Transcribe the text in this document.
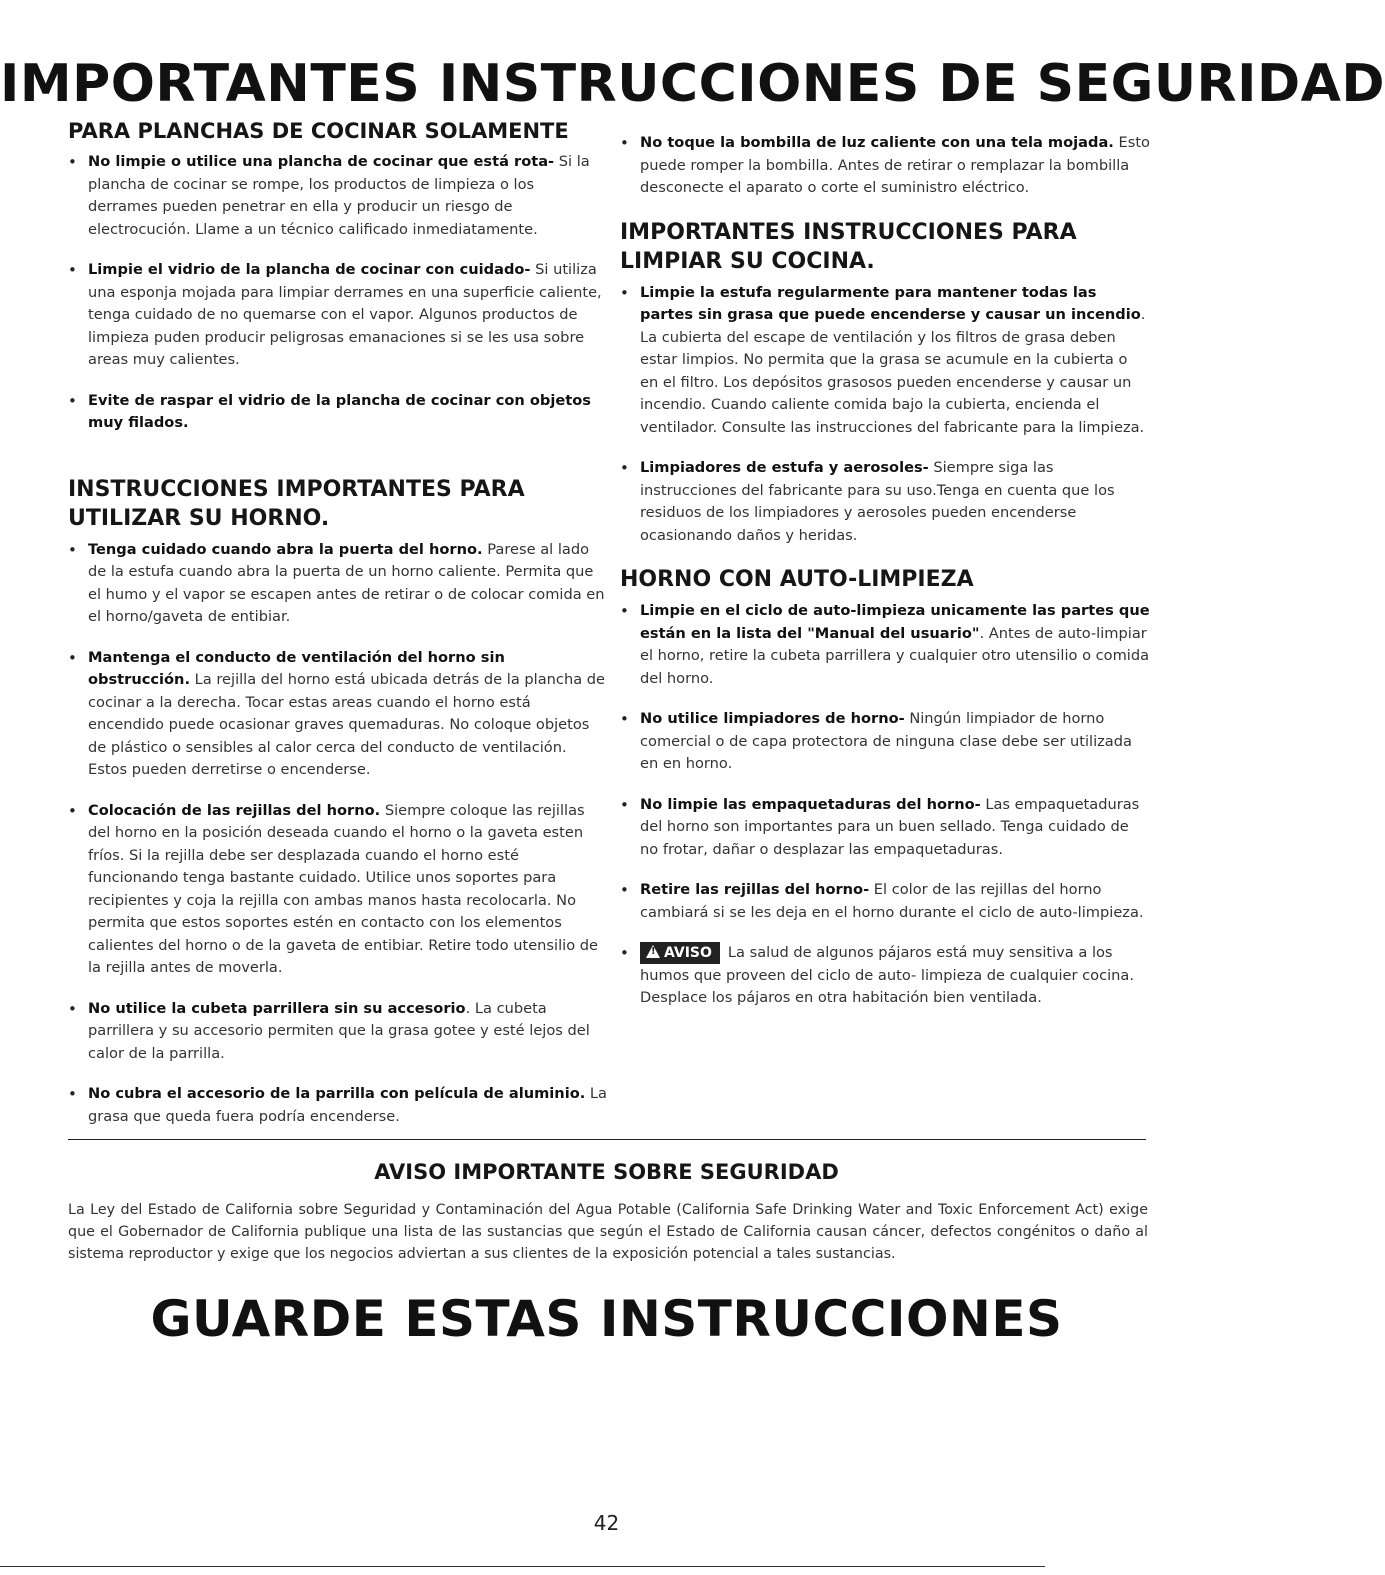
IMPORTANTES INSTRUCCIONES DE SEGURIDAD
PARA PLANCHAS DE COCINAR SOLAMENTE

• No limpie o utilice una plancha de cocinar que está rota- Si la plancha de cocinar se rompe, los productos de limpieza o los derrames pueden penetrar en ella y producir un riesgo de electrocución. Llame a un técnico calificado inmediatamente.

• Limpie el vidrio de la plancha de cocinar con cuidado- Si utiliza una esponja mojada para limpiar derrames en una superficie caliente, tenga cuidado de no quemarse con el vapor. Algunos productos de limpieza puden producir peligrosas emanaciones si se les usa sobre areas muy calientes.

• Evite de raspar el vidrio de la plancha de cocinar con objetos muy filados.

INSTRUCCIONES IMPORTANTES PARA UTILIZAR SU HORNO.

• Tenga cuidado cuando abra la puerta del horno. Parese al lado de la estufa cuando abra la puerta de un horno caliente. Permita que el humo y el vapor se escapen antes de retirar o de colocar comida en el horno/gaveta de entibiar.

• Mantenga el conducto de ventilación del horno sin obstrucción. La rejilla del horno está ubicada detrás de la plancha de cocinar a la derecha. Tocar estas areas cuando el horno está encendido puede ocasionar graves quemaduras. No coloque objetos de plástico o sensibles al calor cerca del conducto de ventilación. Estos pueden derretirse o encenderse.

• Colocación de las rejillas del horno. Siempre coloque las rejillas del horno en la posición deseada cuando el horno o la gaveta esten fríos. Si la rejilla debe ser desplazada cuando el horno esté funcionando tenga bastante cuidado. Utilice unos soportes para recipientes y coja la rejilla con ambas manos hasta recolocarla. No permita que estos soportes estén en contacto con los elementos calientes del horno o de la gaveta de entibiar. Retire todo utensilio de la rejilla antes de moverla.

• No utilice la cubeta parrillera sin su accesorio. La cubeta parrillera y su accesorio permiten que la grasa gotee y esté lejos del calor de la parrilla.

• No cubra el accesorio de la parrilla con película de aluminio. La grasa que queda fuera podría encenderse.

• No toque la bombilla de luz caliente con una tela mojada. Esto puede romper la bombilla. Antes de retirar o remplazar la bombilla desconecte el aparato o corte el suministro eléctrico.

IMPORTANTES INSTRUCCIONES PARA LIMPIAR SU COCINA.

• Limpie la estufa regularmente para mantener todas las partes sin grasa que puede encenderse y causar un incendio. La cubierta del escape de ventilación y los filtros de grasa deben estar limpios. No permita que la grasa se acumule en la cubierta o en el filtro. Los depósitos grasosos pueden encenderse y causar un incendio. Cuando caliente comida bajo la cubierta, encienda el ventilador. Consulte las instrucciones del fabricante para la limpieza.

• Limpiadores de estufa y aerosoles- Siempre siga las instrucciones del fabricante para su uso.Tenga en cuenta que los residuos de los limpiadores y aerosoles pueden encenderse ocasionando daños y heridas.

HORNO CON AUTO-LIMPIEZA

• Limpie en el ciclo de auto-limpieza unicamente las partes que están en la lista del "Manual del usuario". Antes de auto-limpiar el horno, retire la cubeta parrillera y cualquier otro utensilio o comida del horno.

• No utilice limpiadores de horno- Ningún limpiador de horno comercial o de capa protectora de ninguna clase debe ser utilizada en en horno.

• No limpie las empaquetaduras del horno- Las empaquetaduras del horno son importantes para un buen sellado. Tenga cuidado de no frotar, dañar o desplazar las empaquetaduras.

• Retire las rejillas del horno- El color de las rejillas del horno cambiará si se les deja en el horno durante el ciclo de auto-limpieza.

•
!	AVISO La salud de algunos pájaros está muy sensitiva a los humos que proveen del ciclo de auto- limpieza de cualquier cocina. Desplace los pájaros en otra habitación bien ventilada.

AVISO IMPORTANTE SOBRE SEGURIDAD

La Ley del Estado de California sobre Seguridad y Contaminación del Agua Potable (California Safe Drinking Water and Toxic Enforcement Act) exige que el Gobernador de California publique una lista de las sustancias que según el Estado de California causan cáncer, defectos congénitos o daño al sistema reproductor y exige que los negocios adviertan a sus clientes de la exposición potencial a tales sustancias.

GUARDE ESTAS INSTRUCCIONES
42
